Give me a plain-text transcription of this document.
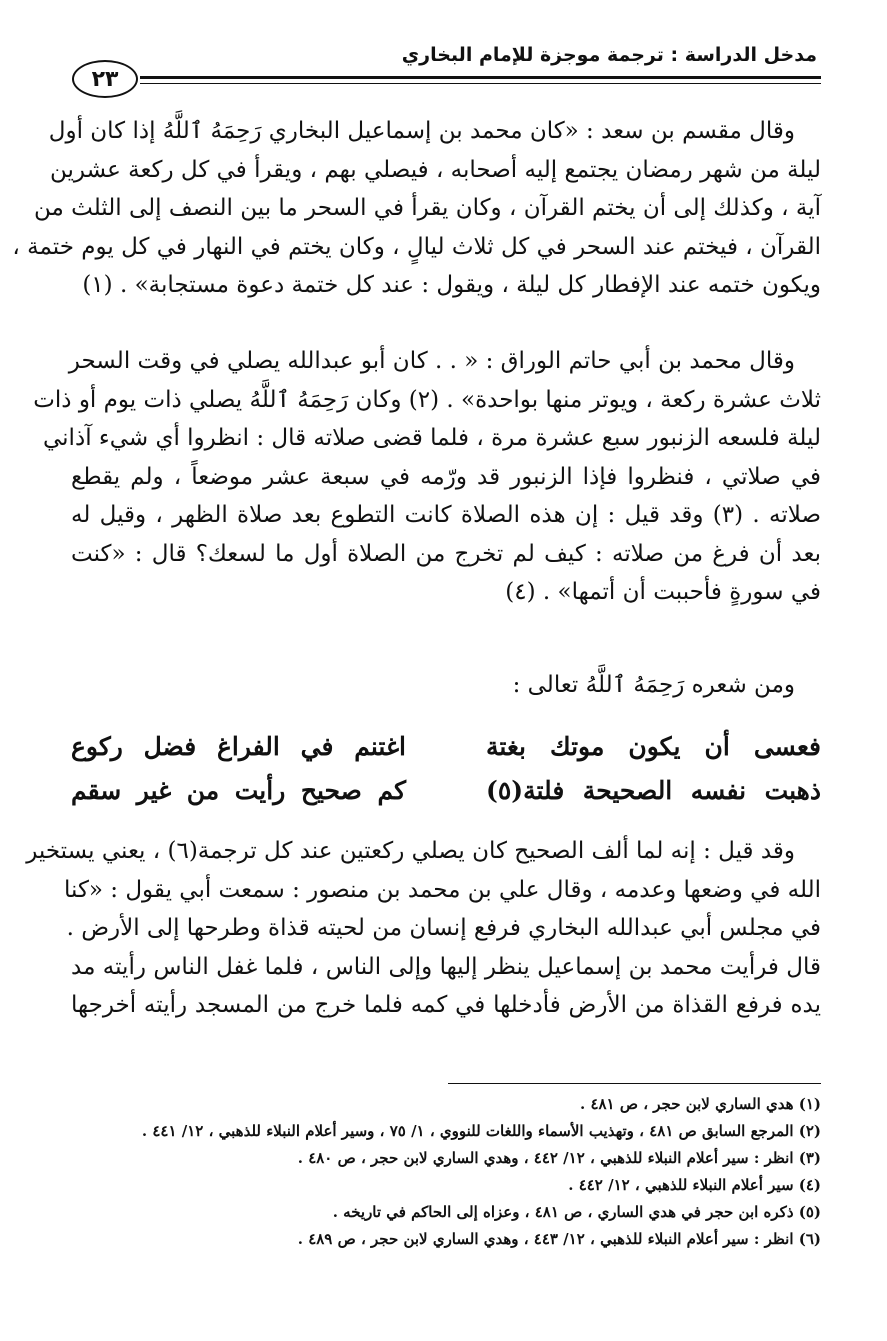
مدخل الدراسة : ترجمة موجزة للإمام البخاري
٢٣
وقال مقسم بن سعد : «كان محمد بن إسماعيل البخاري رَحِمَهُ ٱللَّهُ إذا كان أول
ليلة من شهر رمضان يجتمع إليه أصحابه ، فيصلي بهم ، ويقرأ في كل ركعة عشرين
آية ، وكذلك إلى أن يختم القرآن ، وكان يقرأ في السحر ما بين النصف إلى الثلث من
القرآن ، فيختم عند السحر في كل ثلاث ليالٍ ، وكان يختم في النهار في كل يوم ختمة ،
ويكون ختمه عند الإفطار كل ليلة ، ويقول : عند كل ختمة دعوة مستجابة» . (١)
وقال محمد بن أبي حاتم الوراق : « . . كان أبو عبدالله يصلي في وقت السحر
ثلاث عشرة ركعة ، ويوتر منها بواحدة» . (٢) وكان رَحِمَهُ ٱللَّهُ يصلي ذات يوم أو ذات
ليلة فلسعه الزنبور سبع عشرة مرة ، فلما قضى صلاته قال : انظروا أي شيء آذاني
في صلاتي ، فنظروا فإذا الزنبور قد ورّمه في سبعة عشر موضعاً ، ولم يقطع
صلاته . (٣) وقد قيل : إن هذه الصلاة كانت التطوع بعد صلاة الظهر ، وقيل له
بعد أن فرغ من صلاته : كيف لم تخرج من الصلاة أول ما لسعك؟ قال : «كنت
في سورةٍ فأحببت أن أتمها» . (٤)
ومن شعره رَحِمَهُ ٱللَّهُ تعالى :
فعسى أن يكون موتك بغتة
اغتنم في الفراغ فضل ركوع
ذهبت نفسه الصحيحة فلتة(٥)
كم صحيح رأيت من غير سقم
وقد قيل : إنه لما ألف الصحيح كان يصلي ركعتين عند كل ترجمة(٦) ، يعني يستخير
الله في وضعها وعدمه ، وقال علي بن محمد بن منصور : سمعت أبي يقول : «كنا
في مجلس أبي عبدالله البخاري فرفع إنسان من لحيته قذاة وطرحها إلى الأرض .
قال فرأيت محمد بن إسماعيل ينظر إليها وإلى الناس ، فلما غفل الناس رأيته مد
يده فرفع القذاة من الأرض فأدخلها في كمه فلما خرج من المسجد رأيته أخرجها
(١) هدي الساري لابن حجر ، ص ٤٨١ .
(٢) المرجع السابق ص ٤٨١ ، وتهذيب الأسماء واللغات للنووي ، ١/ ٧٥ ، وسير أعلام النبلاء للذهبي ، ١٢/ ٤٤١ .
(٣) انظر : سير أعلام النبلاء للذهبي ، ١٢/ ٤٤٢ ، وهدي الساري لابن حجر ، ص ٤٨٠ .
(٤) سير أعلام النبلاء للذهبي ، ١٢/ ٤٤٢ .
(٥) ذكره ابن حجر في هدي الساري ، ص ٤٨١ ، وعزاه إلى الحاكم في تاريخه .
(٦) انظر : سير أعلام النبلاء للذهبي ، ١٢/ ٤٤٣ ، وهدي الساري لابن حجر ، ص ٤٨٩ .
